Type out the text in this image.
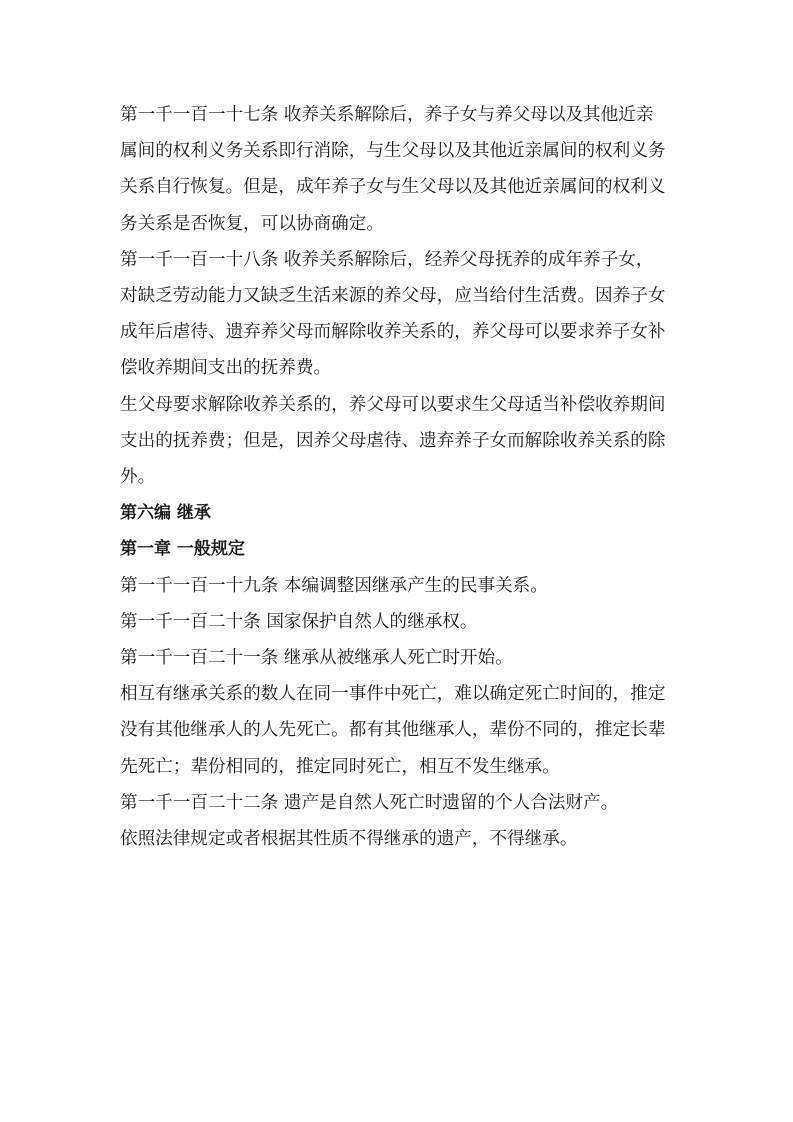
第一千一百一十七条 收养关系解除后，养子女与养父母以及其他近亲
属间的权利义务关系即行消除，与生父母以及其他近亲属间的权利义务
关系自行恢复。但是，成年养子女与生父母以及其他近亲属间的权利义
务关系是否恢复，可以协商确定。

第一千一百一十八条 收养关系解除后，经养父母抚养的成年养子女，
对缺乏劳动能力又缺乏生活来源的养父母，应当给付生活费。因养子女
成年后虐待、遗弃养父母而解除收养关系的，养父母可以要求养子女补
偿收养期间支出的抚养费。

生父母要求解除收养关系的，养父母可以要求生父母适当补偿收养期间
支出的抚养费；但是，因养父母虐待、遗弃养子女而解除收养关系的除
外。

第六编 继承

第一章 一般规定

第一千一百一十九条 本编调整因继承产生的民事关系。

第一千一百二十条 国家保护自然人的继承权。

第一千一百二十一条 继承从被继承人死亡时开始。

相互有继承关系的数人在同一事件中死亡，难以确定死亡时间的，推定
没有其他继承人的人先死亡。都有其他继承人，辈份不同的，推定长辈
先死亡；辈份相同的，推定同时死亡，相互不发生继承。

第一千一百二十二条 遗产是自然人死亡时遗留的个人合法财产。

依照法律规定或者根据其性质不得继承的遗产，不得继承。
